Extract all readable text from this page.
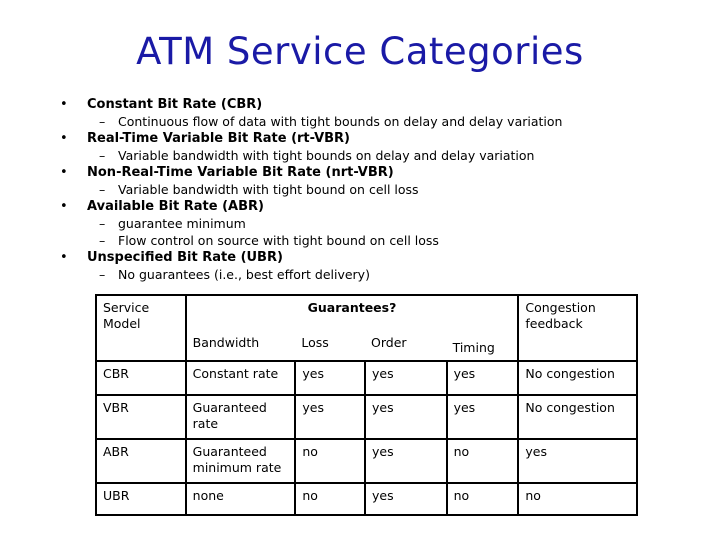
ATM Service Categories
• Constant Bit Rate (CBR)
– Continuous flow of data with tight bounds on delay and delay variation
• Real-Time Variable Bit Rate (rt-VBR)
– Variable bandwidth with tight bounds on delay and delay variation
• Non-Real-Time Variable Bit Rate (nrt-VBR)
– Variable bandwidth with tight bound on cell loss
• Available Bit Rate (ABR)
– guarantee minimum
– Flow control on source with tight bound on cell loss
• Unspecified Bit Rate (UBR)
– No guarantees (i.e., best effort delivery)
Service Model	Guarantees?				Congestion feedback
	Bandwidth	Loss	Order	Timing	
CBR	Constant rate	yes	yes	yes	No congestion
VBR	Guaranteed rate	yes	yes	yes	No congestion
ABR	Guaranteed minimum rate	no	yes	no	yes
UBR	none	no	yes	no	no
